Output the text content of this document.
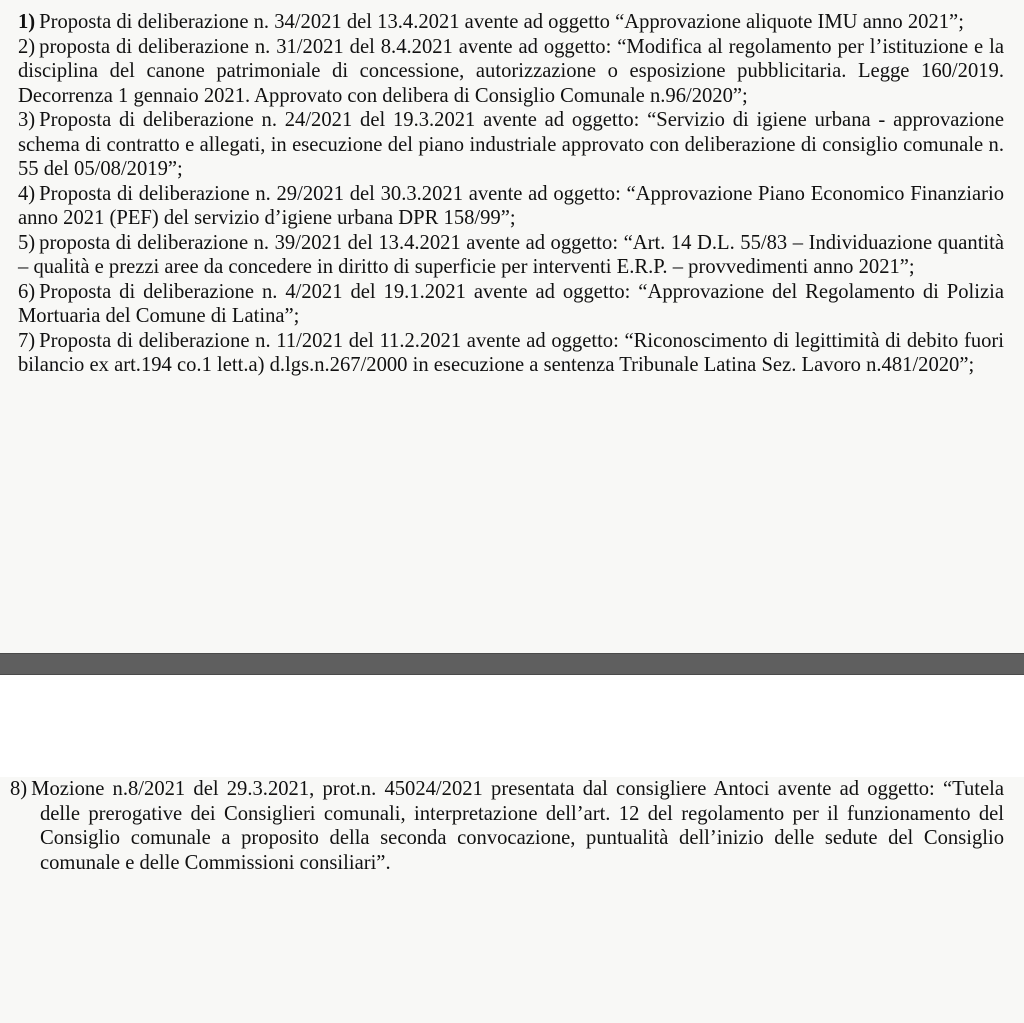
1) Proposta di deliberazione n. 34/2021 del 13.4.2021 avente ad oggetto “Approvazione aliquote IMU anno 2021”;

2) proposta di deliberazione n. 31/2021 del 8.4.2021 avente ad oggetto: “Modifica al regolamento per l’istituzione e la disciplina del canone patrimoniale di concessione, autorizzazione o esposizione pubblicitaria. Legge 160/2019. Decorrenza 1 gennaio 2021. Approvato con delibera di Consiglio Comunale n.96/2020”;

3) Proposta di deliberazione n. 24/2021 del 19.3.2021 avente ad oggetto: “Servizio di igiene urbana - approvazione schema di contratto e allegati, in esecuzione del piano industriale approvato con deliberazione di consiglio comunale n. 55 del 05/08/2019”;

4) Proposta di deliberazione n. 29/2021 del 30.3.2021 avente ad oggetto: “Approvazione Piano Economico Finanziario anno 2021 (PEF) del servizio d’igiene urbana DPR 158/99”;

5) proposta di deliberazione n. 39/2021 del 13.4.2021 avente ad oggetto: “Art. 14 D.L. 55/83 – Individuazione quantità – qualità e prezzi aree da concedere in diritto di superficie per interventi E.R.P. – provvedimenti anno 2021”;

6) Proposta di deliberazione n. 4/2021 del 19.1.2021 avente ad oggetto: “Approvazione del Regolamento di Polizia Mortuaria del Comune di Latina”;

7) Proposta di deliberazione n. 11/2021 del 11.2.2021 avente ad oggetto: “Riconoscimento di legittimità di debito fuori bilancio ex art.194 co.1 lett.a) d.lgs.n.267/2000 in esecuzione a sentenza Tribunale Latina Sez. Lavoro n.481/2020”;

8) Mozione n.8/2021 del 29.3.2021, prot.n. 45024/2021 presentata dal consigliere Antoci avente ad oggetto: “Tutela delle prerogative dei Consiglieri comunali, interpretazione dell’art. 12 del regolamento per il funzionamento del Consiglio comunale a proposito della seconda convocazione, puntualità dell’inizio delle sedute del Consiglio comunale e delle Commissioni consiliari”.
